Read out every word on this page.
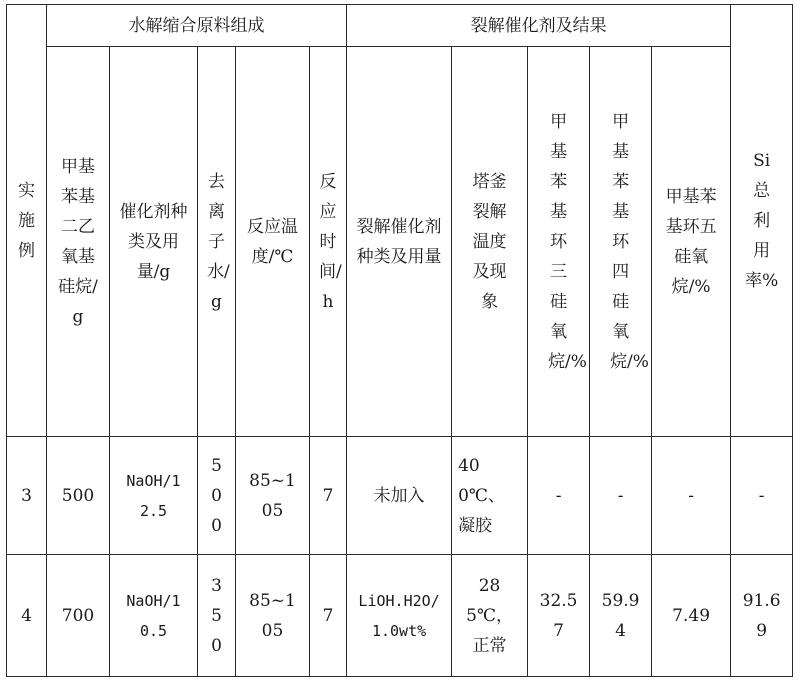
实施例	水解缩合原料组成					裂解催化剂及结果					Si总利用率%
	甲基苯基二乙氧基硅烷/g	催化剂种类及用量/g	去离子水/g	反应温度/℃	反应时间/h	裂解催化剂种类及用量	塔釜裂解温度及现象	甲基苯基环三硅氧烷/%	甲基苯基环四硅氧烷/%	甲基苯基环五硅氧烷/%
3	500	NaOH/12.5	500	85~105	7	未加入	400℃、凝胶	-	-	-	-
4	700	NaOH/10.5	350	85~105	7	LiOH.H2O/1.0wt%	285℃，正常	32.57	59.94	7.49	91.69
